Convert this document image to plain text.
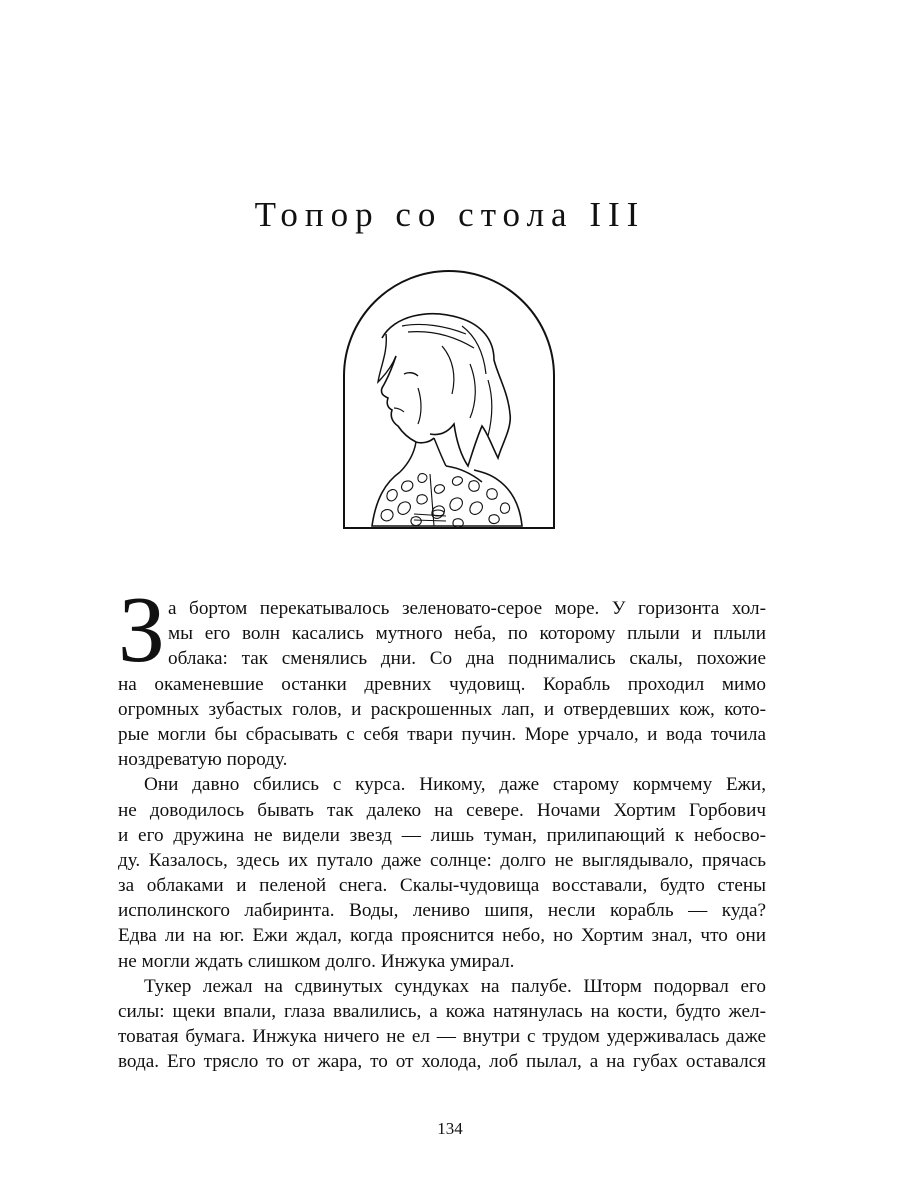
Топор со стола III
З а бортом перекатывалось зеленовато-серое море. У горизонта хол-
мы его волн касались мутного неба, по которому плыли и плыли
облака: так сменялись дни. Со дна поднимались скалы, похожие
на окаменевшие останки древних чудовищ. Корабль проходил мимо
огромных зубастых голов, и раскрошенных лап, и отвердевших кож, кото-
рые могли бы сбрасывать с себя твари пучин. Море урчало, и вода точила
ноздреватую породу.
Они давно сбились с курса. Никому, даже старому кормчему Ежи,
не доводилось бывать так далеко на севере. Ночами Хортим Горбович
и его дружина не видели звезд — лишь туман, прилипающий к небосво-
ду. Казалось, здесь их путало даже солнце: долго не выглядывало, прячась
за облаками и пеленой снега. Скалы-чудовища восставали, будто стены
исполинского лабиринта. Воды, лениво шипя, несли корабль — куда?
Едва ли на юг. Ежи ждал, когда прояснится небо, но Хортим знал, что они
не могли ждать слишком долго. Инжука умирал.
Тукер лежал на сдвинутых сундуках на палубе. Шторм подорвал его
силы: щеки впали, глаза ввалились, а кожа натянулась на кости, будто жел-
товатая бумага. Инжука ничего не ел — внутри с трудом удерживалась даже
вода. Его трясло то от жара, то от холода, лоб пылал, а на губах оставался
134
